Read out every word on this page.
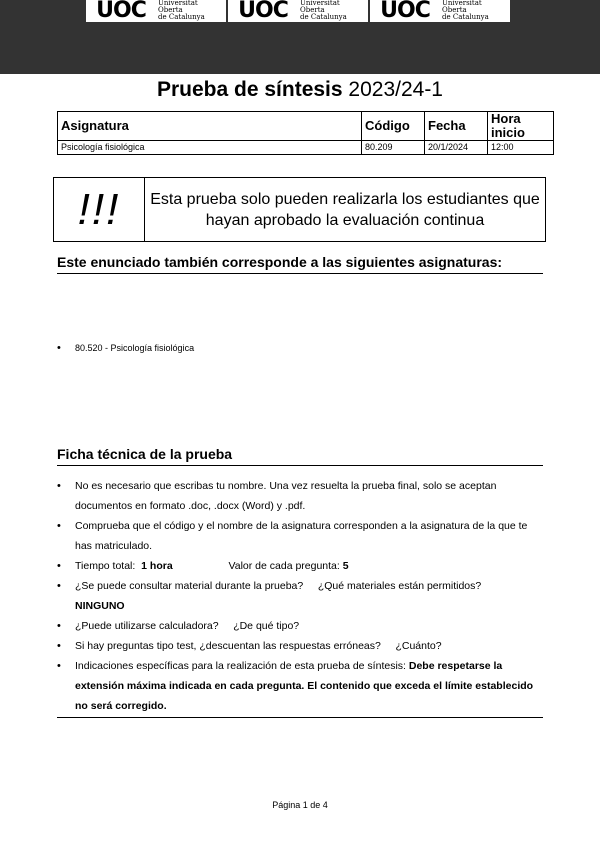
UOC	Universitat
Oberta
de Catalunya	UOC	Universitat
Oberta
de Catalunya	UOC	Universitat
Oberta
de Catalunya
Prueba de síntesis 2023/24-1
Asignatura	Código	Fecha	Hora inicio
Psicología fisiológica	80.209	20/1/2024	12:00
!!!	Esta prueba solo pueden realizarla los estudiantes que hayan aprobado la evaluación continua
Este enunciado también corresponde a las siguientes asignaturas:
• 80.520 - Psicología fisiológica
Ficha técnica de la prueba
• No es necesario que escribas tu nombre. Una vez resuelta la prueba final, solo se aceptan documentos en formato .doc, .docx (Word) y .pdf.
• Comprueba que el código y el nombre de la asignatura corresponden a la asignatura de la que te has matriculado.
• Tiempo total: 1 hora	Valor de cada pregunta: 5
• ¿Se puede consultar material durante la prueba? ¿Qué materiales están permitidos?
NINGUNO
• ¿Puede utilizarse calculadora? ¿De qué tipo?
• Si hay preguntas tipo test, ¿descuentan las respuestas erróneas? ¿Cuánto?
• Indicaciones específicas para la realización de esta prueba de síntesis: Debe respetarse la extensión máxima indicada en cada pregunta. El contenido que exceda el límite establecido no será corregido.
Página 1 de 4
